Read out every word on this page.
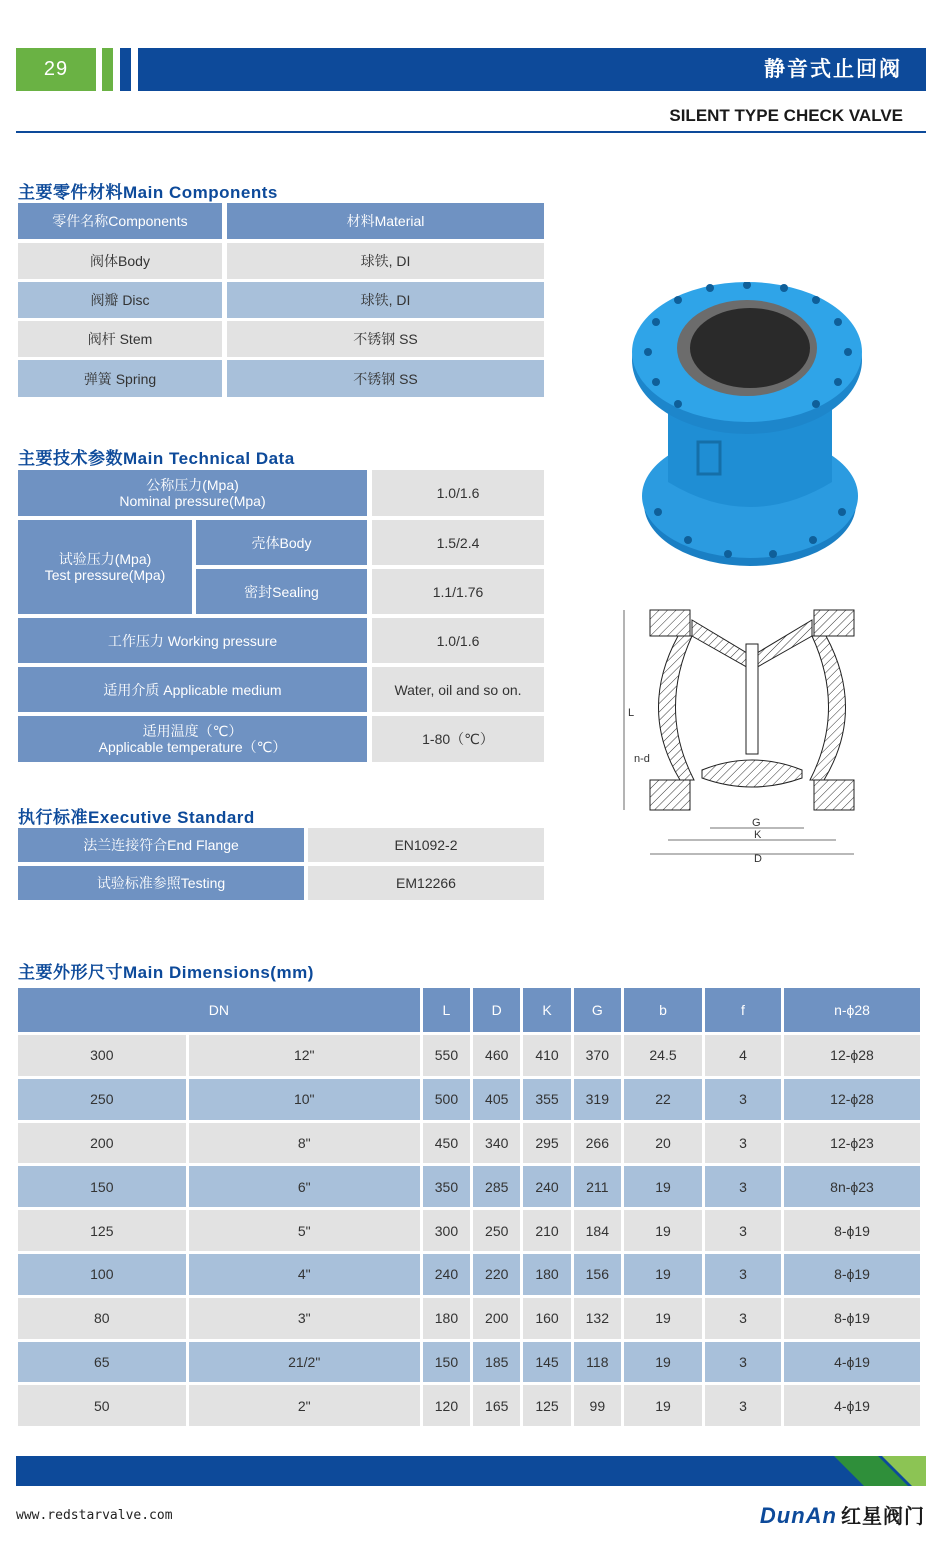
29	静音式止回阀
SILENT TYPE CHECK VALVE
主要零件材料Main Components
零件名称Components	材料Material
阀体Body	球铁, DI
阀瓣 Disc	球铁, DI
阀杆 Stem	不锈钢 SS
弹簧 Spring	不锈钢 SS
主要技术参数Main Technical Data
公称压力(Mpa)
Nominal pressure(Mpa)	1.0/1.6
试验压力(Mpa)
Test pressure(Mpa)
壳体Body	1.5/2.4
密封Sealing	1.1/1.76
工作压力 Working pressure	1.0/1.6
适用介质 Applicable medium	Water, oil and so on.
适用温度（℃）
Applicable temperature（℃）	1-80（℃）
执行标准Executive Standard
法兰连接符合End Flange	EN1092-2
试验标准参照Testing	EM12266
L
n-d
G
K
D
主要外形尺寸Main Dimensions(mm)
DN		L	D	K	G	b	f	n-ϕ28
300	12"	550	460	410	370	24.5	4	12-ϕ28
250	10"	500	405	355	319	22	3	12-ϕ28
200	8"	450	340	295	266	20	3	12-ϕ23
150	6"	350	285	240	211	19	3	8n-ϕ23
125	5"	300	250	210	184	19	3	8-ϕ19
100	4"	240	220	180	156	19	3	8-ϕ19
80	3"	180	200	160	132	19	3	8-ϕ19
65	21/2"	150	185	145	118	19	3	4-ϕ19
50	2"	120	165	125	99	19	3	4-ϕ19
www.redstarvalve.com	DunAn 红星阀门
